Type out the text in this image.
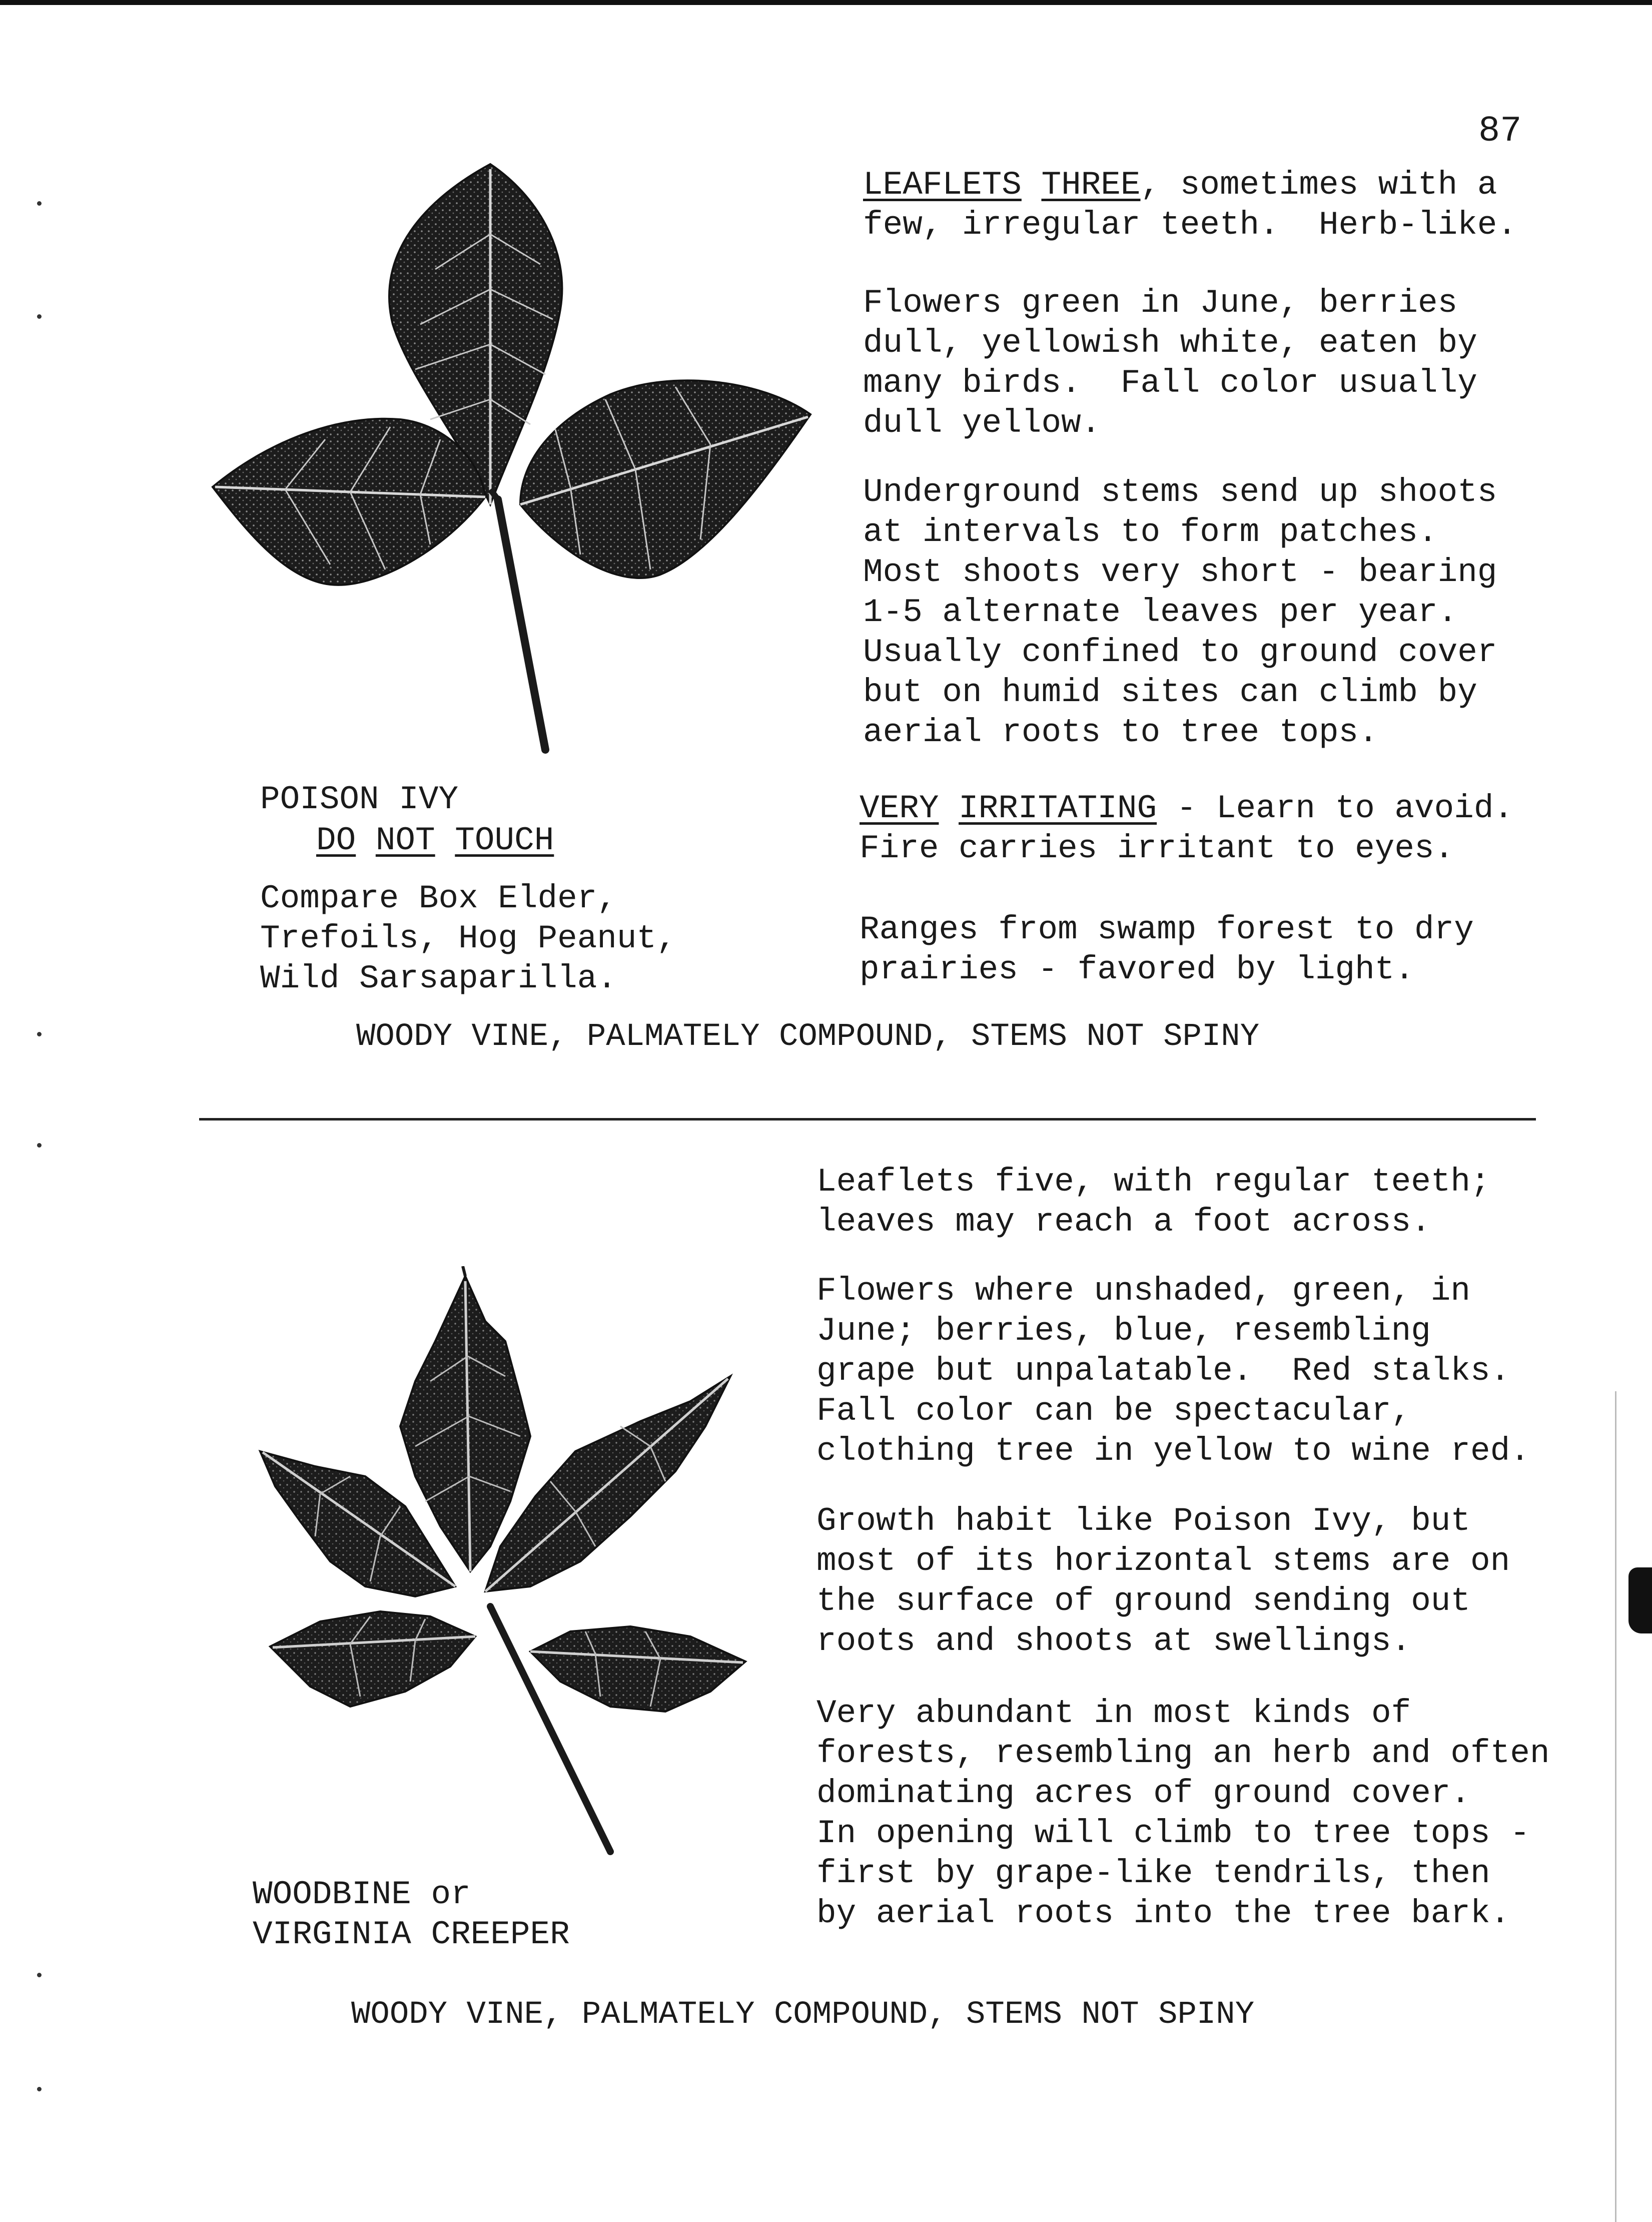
87
LEAFLETS THREE, sometimes with a
few, irregular teeth.  Herb-like.
Flowers green in June, berries
dull, yellowish white, eaten by
many birds.  Fall color usually
dull yellow.
Underground stems send up shoots
at intervals to form patches.
Most shoots very short - bearing
1-5 alternate leaves per year.
Usually confined to ground cover
but on humid sites can climb by
aerial roots to tree tops.
VERY IRRITATING - Learn to avoid.
Fire carries irritant to eyes.
Ranges from swamp forest to dry
prairies - favored by light.
POISON IVY
DO NOT TOUCH
Compare Box Elder,
Trefoils, Hog Peanut,
Wild Sarsaparilla.
WOODY VINE, PALMATELY COMPOUND, STEMS NOT SPINY
Leaflets five, with regular teeth;
leaves may reach a foot across.
Flowers where unshaded, green, in
June; berries, blue, resembling
grape but unpalatable.  Red stalks.
Fall color can be spectacular,
clothing tree in yellow to wine red.
Growth habit like Poison Ivy, but
most of its horizontal stems are on
the surface of ground sending out
roots and shoots at swellings.
Very abundant in most kinds of
forests, resembling an herb and often
dominating acres of ground cover.
In opening will climb to tree tops -
first by grape-like tendrils, then
by aerial roots into the tree bark.
WOODBINE or
VIRGINIA CREEPER
WOODY VINE, PALMATELY COMPOUND, STEMS NOT SPINY
